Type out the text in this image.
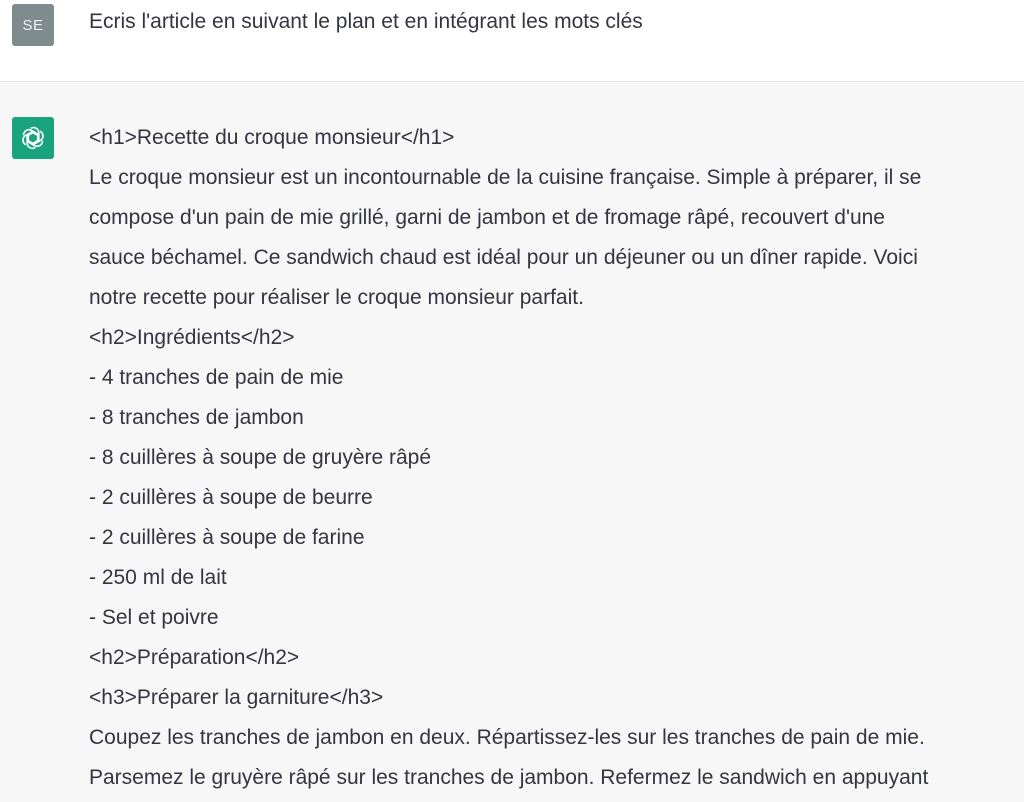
SE Ecris l'article en suivant le plan et en intégrant les mots clés
<h1>Recette du croque monsieur</h1>
Le croque monsieur est un incontournable de la cuisine française. Simple à préparer, il se
compose d'un pain de mie grillé, garni de jambon et de fromage râpé, recouvert d'une
sauce béchamel. Ce sandwich chaud est idéal pour un déjeuner ou un dîner rapide. Voici
notre recette pour réaliser le croque monsieur parfait.
<h2>Ingrédients</h2>
- 4 tranches de pain de mie
- 8 tranches de jambon
- 8 cuillères à soupe de gruyère râpé
- 2 cuillères à soupe de beurre
- 2 cuillères à soupe de farine
- 250 ml de lait
- Sel et poivre
<h2>Préparation</h2>
<h3>Préparer la garniture</h3>
Coupez les tranches de jambon en deux. Répartissez-les sur les tranches de pain de mie.
Parsemez le gruyère râpé sur les tranches de jambon. Refermez le sandwich en appuyant
